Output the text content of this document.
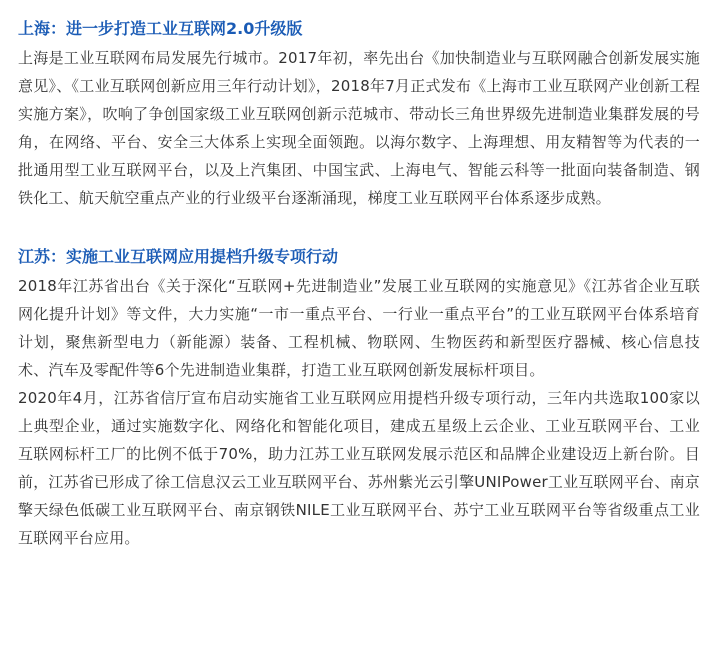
上海：进一步打造工业互联网2.0升级版

上海是工业互联网布局发展先行城市。2017年初，率先出台《加快制造业与互联网融合创新发展实施意见》、《工业互联网创新应用三年行动计划》，2018年7月正式发布《上海市工业互联网产业创新工程实施方案》，吹响了争创国家级工业互联网创新示范城市、带动长三角世界级先进制造业集群发展的号角，在网络、平台、安全三大体系上实现全面领跑。以海尔数字、上海理想、用友精智等为代表的一批通用型工业互联网平台，以及上汽集团、中国宝武、上海电气、智能云科等一批面向装备制造、钢铁化工、航天航空重点产业的行业级平台逐渐涌现，梯度工业互联网平台体系逐步成熟。

江苏：实施工业互联网应用提档升级专项行动

2018年江苏省出台《关于深化“互联网+先进制造业”发展工业互联网的实施意见》《江苏省企业互联网化提升计划》等文件，大力实施“一市一重点平台、一行业一重点平台”的工业互联网平台体系培育计划，聚焦新型电力（新能源）装备、工程机械、物联网、生物医药和新型医疗器械、核心信息技术、汽车及零配件等6个先进制造业集群，打造工业互联网创新发展标杆项目。

2020年4月，江苏省信厅宣布启动实施省工业互联网应用提档升级专项行动，三年内共选取100家以上典型企业，通过实施数字化、网络化和智能化项目，建成五星级上云企业、工业互联网平台、工业互联网标杆工厂的比例不低于70%，助力江苏工业互联网发展示范区和品牌企业建设迈上新台阶。目前，江苏省已形成了徐工信息汉云工业互联网平台、苏州紫光云引擎UNIPower工业互联网平台、南京擎天绿色低碳工业互联网平台、南京钢铁NILE工业互联网平台、苏宁工业互联网平台等省级重点工业互联网平台应用。
